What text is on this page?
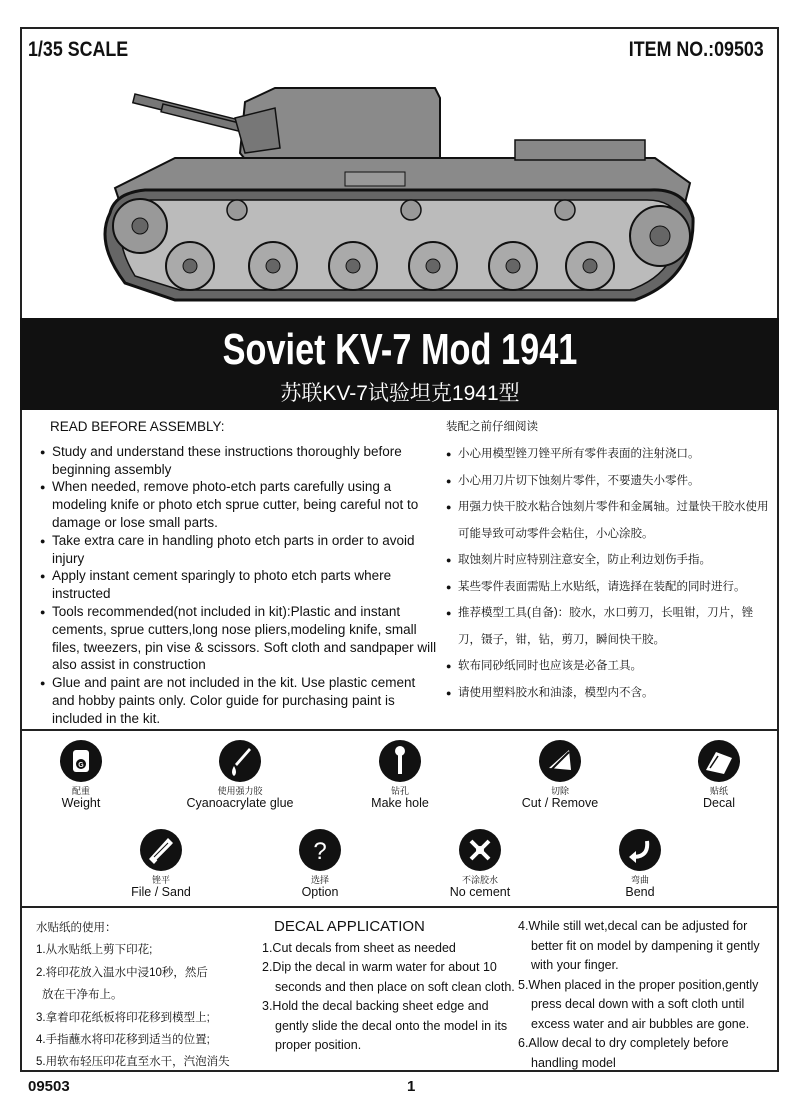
1/35 SCALE	ITEM NO.:09503
Soviet KV-7 Mod 1941
苏联KV-7试验坦克1941型
READ BEFORE ASSEMBLY:
● Study and understand these instructions thoroughly before beginning assembly
● When needed, remove photo-etch parts carefully using a modeling knife or photo etch sprue cutter, being careful not to damage or lose small parts.
● Take extra care in handling photo etch parts in order to avoid injury
● Apply instant cement sparingly to photo etch parts where instructed
● Tools recommended(not included in kit):Plastic and instant cements, sprue cutters,long nose pliers,modeling knife, small files, tweezers, pin vise & scissors. Soft cloth and sandpaper will also assist in construction
● Glue and paint are not included in the kit. Use plastic cement and hobby paints only. Color guide for purchasing paint is included in the kit.
装配之前仔细阅读
● 小心用模型锉刀锉平所有零件表面的注射浇口。
● 小心用刀片切下蚀刻片零件，不要遗失小零件。
● 用强力快干胶水粘合蚀刻片零件和金属轴。过量快干胶水使用可能导致可动零件会粘住，小心涂胶。
● 取蚀刻片时应特别注意安全，防止利边划伤手指。
● 某些零件表面需贴上水贴纸，请选择在装配的同时进行。
● 推荐模型工具(自备)：胶水，水口剪刀，长咀钳，刀片，锉刀，镊子，钳，钻，剪刀，瞬间快干胶。
● 软布同砂纸同时也应该是必备工具。
● 请使用塑料胶水和油漆，模型内不含。
G
配重
Weight
使用强力胶
Cyanoacrylate glue
钻孔
Make hole
切除
Cut / Remove
贴纸
Decal
锉平
File / Sand
?
选择
Option
不涂胶水
No cement
弯曲
Bend
水贴纸的使用：
1.从水贴纸上剪下印花;
2.将印花放入温水中浸10秒，然后
放在干净布上。
3.拿着印花纸板将印花移到模型上;
4.手指蘸水将印花移到适当的位置;
5.用软布轻压印花直至水干，汽泡消失
DECAL APPLICATION
1.Cut decals from sheet as needed
2.Dip the decal in warm water for about 10
seconds and then place on soft clean cloth.
3.Hold the decal backing sheet edge and
gently slide the decal onto the model in its
proper position.
4.While still wet,decal can be adjusted for
better fit on model by dampening it gently
with your finger.
5.When placed in the proper position,gently
press decal down with a soft cloth until
excess water and air bubbles are gone.
6.Allow decal to dry completely before
handling model
09503	1
